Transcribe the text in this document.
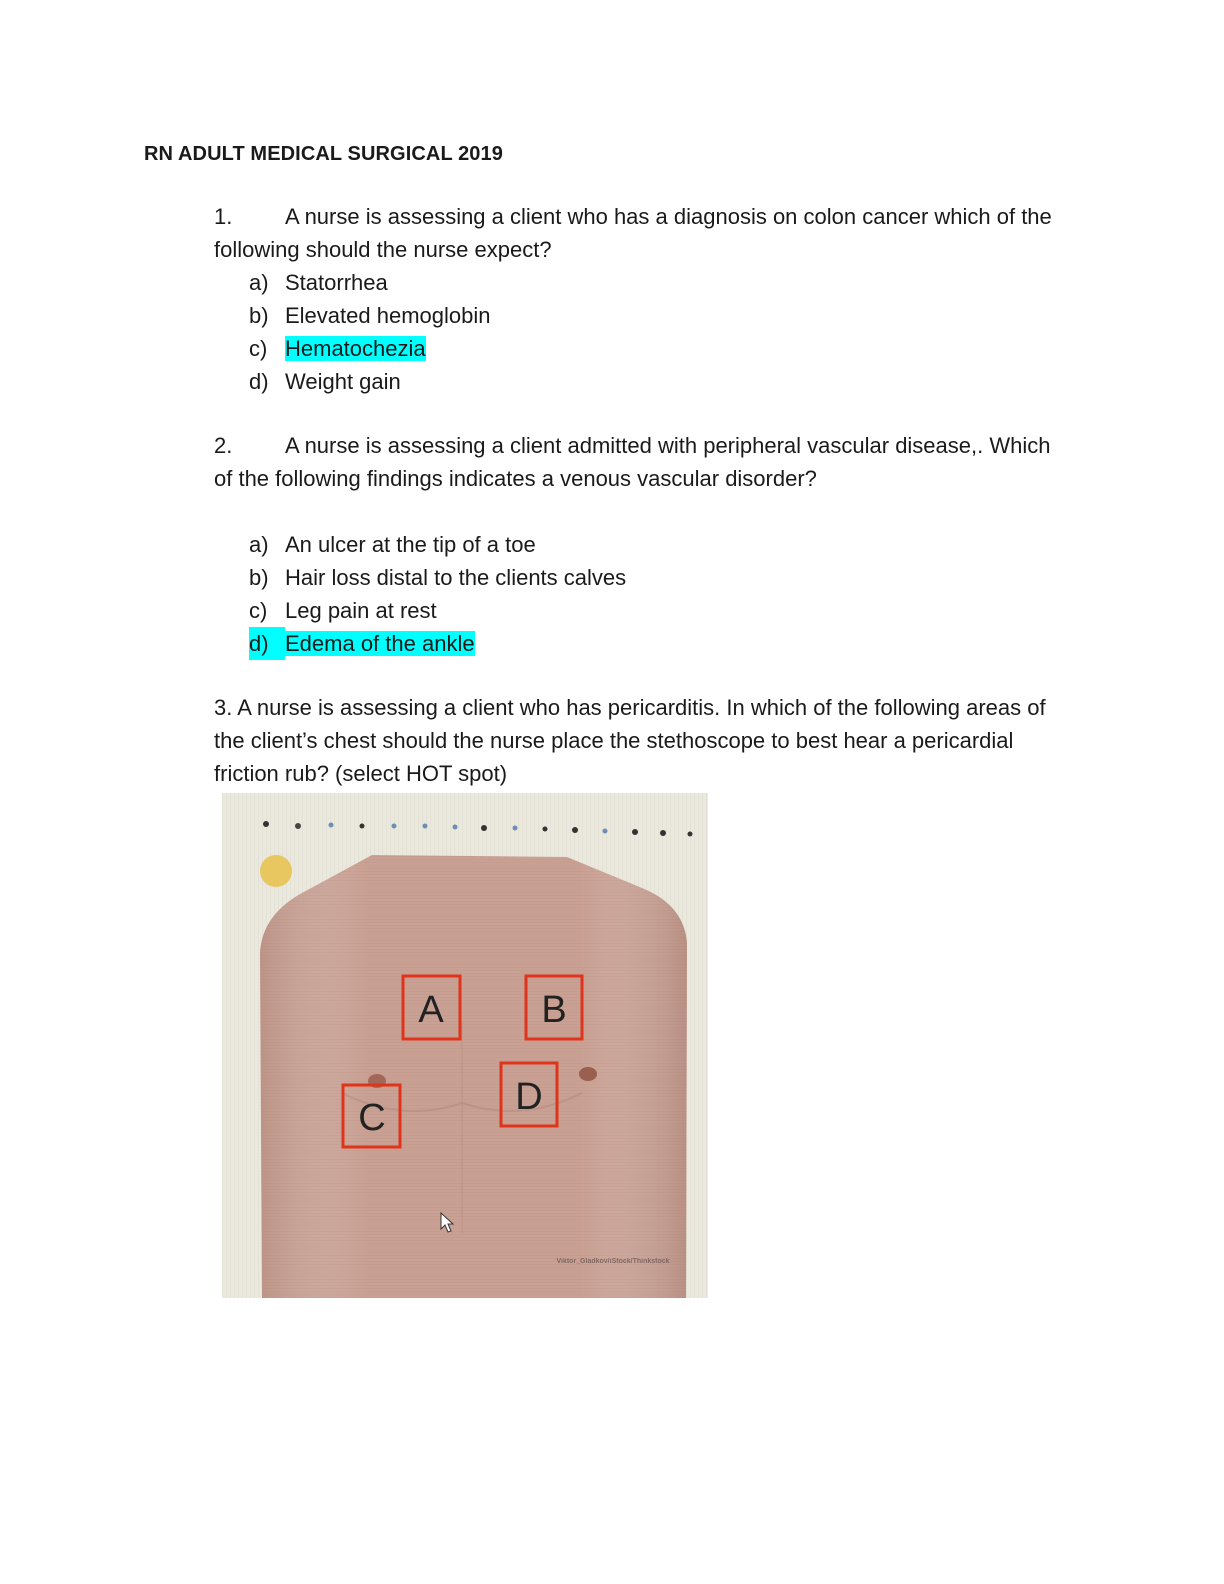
RN ADULT MEDICAL SURGICAL 2019
1. A nurse is assessing a client who has a diagnosis on colon cancer which of the following should the nurse expect?
a) Statorrhea
b) Elevated hemoglobin
c) Hematochezia
d) Weight gain
2. A nurse is assessing a client admitted with peripheral vascular disease,. Which of the following findings indicates a venous vascular disorder?
a) An ulcer at the tip of a toe
b) Hair loss distal to the clients calves
c) Leg pain at rest
d) Edema of the ankle
3. A nurse is assessing a client who has pericarditis. In which of the following areas of the client’s chest should the nurse place the stethoscope to best hear a pericardial friction rub? (select HOT spot)
A	B
C	D
Viktor_Gladkov/iStock/Thinkstock
